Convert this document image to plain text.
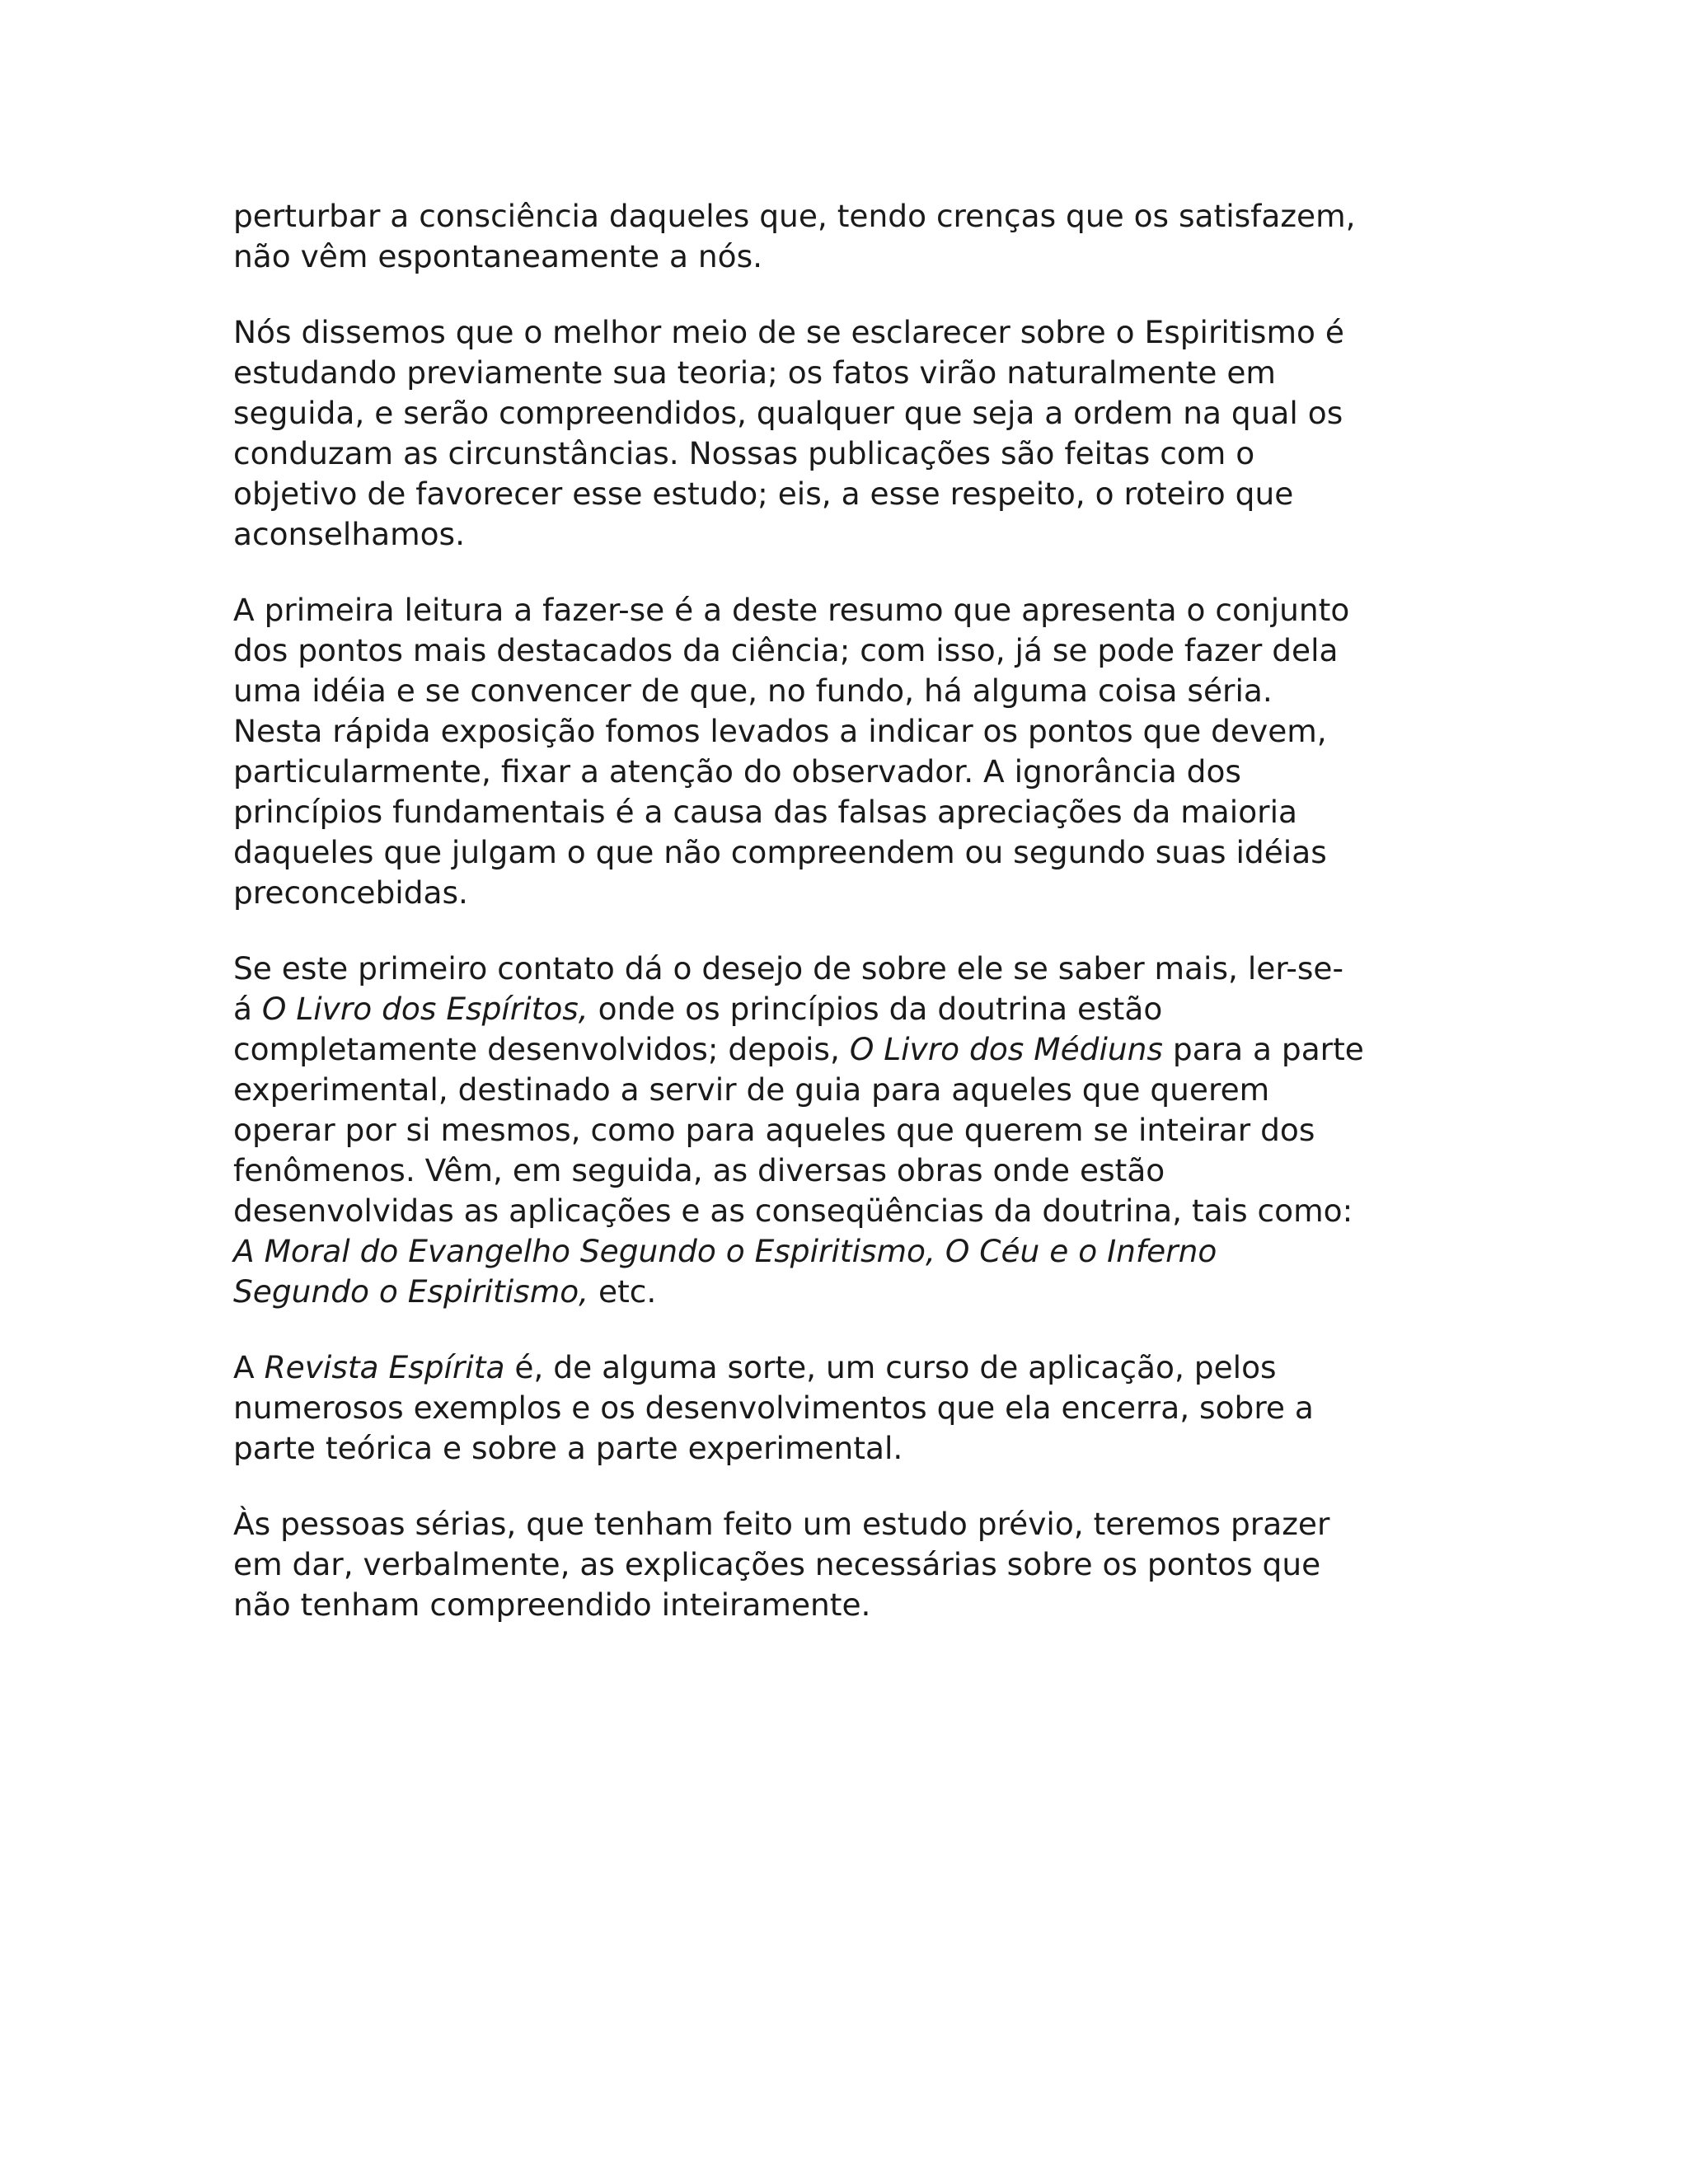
perturbar a consciência daqueles que, tendo crenças que os satisfazem,
não vêm espontaneamente a nós.

Nós dissemos que o melhor meio de se esclarecer sobre o Espiritismo é
estudando previamente sua teoria; os fatos virão naturalmente em
seguida, e serão compreendidos, qualquer que seja a ordem na qual os
conduzam as circunstâncias. Nossas publicações são feitas com o
objetivo de favorecer esse estudo; eis, a esse respeito, o roteiro que
aconselhamos.

A primeira leitura a fazer-se é a deste resumo que apresenta o conjunto
dos pontos mais destacados da ciência; com isso, já se pode fazer dela
uma idéia e se convencer de que, no fundo, há alguma coisa séria.
Nesta rápida exposição fomos levados a indicar os pontos que devem,
particularmente, fixar a atenção do observador. A ignorância dos
princípios fundamentais é a causa das falsas apreciações da maioria
daqueles que julgam o que não compreendem ou segundo suas idéias
preconcebidas.

Se este primeiro contato dá o desejo de sobre ele se saber mais, ler-se-
á O Livro dos Espíritos, onde os princípios da doutrina estão
completamente desenvolvidos; depois, O Livro dos Médiuns para a parte
experimental, destinado a servir de guia para aqueles que querem
operar por si mesmos, como para aqueles que querem se inteirar dos
fenômenos. Vêm, em seguida, as diversas obras onde estão
desenvolvidas as aplicações e as conseqüências da doutrina, tais como:
A Moral do Evangelho Segundo o Espiritismo, O Céu e o Inferno
Segundo o Espiritismo, etc.

A Revista Espírita é, de alguma sorte, um curso de aplicação, pelos
numerosos exemplos e os desenvolvimentos que ela encerra, sobre a
parte teórica e sobre a parte experimental.

Às pessoas sérias, que tenham feito um estudo prévio, teremos prazer
em dar, verbalmente, as explicações necessárias sobre os pontos que
não tenham compreendido inteiramente.
